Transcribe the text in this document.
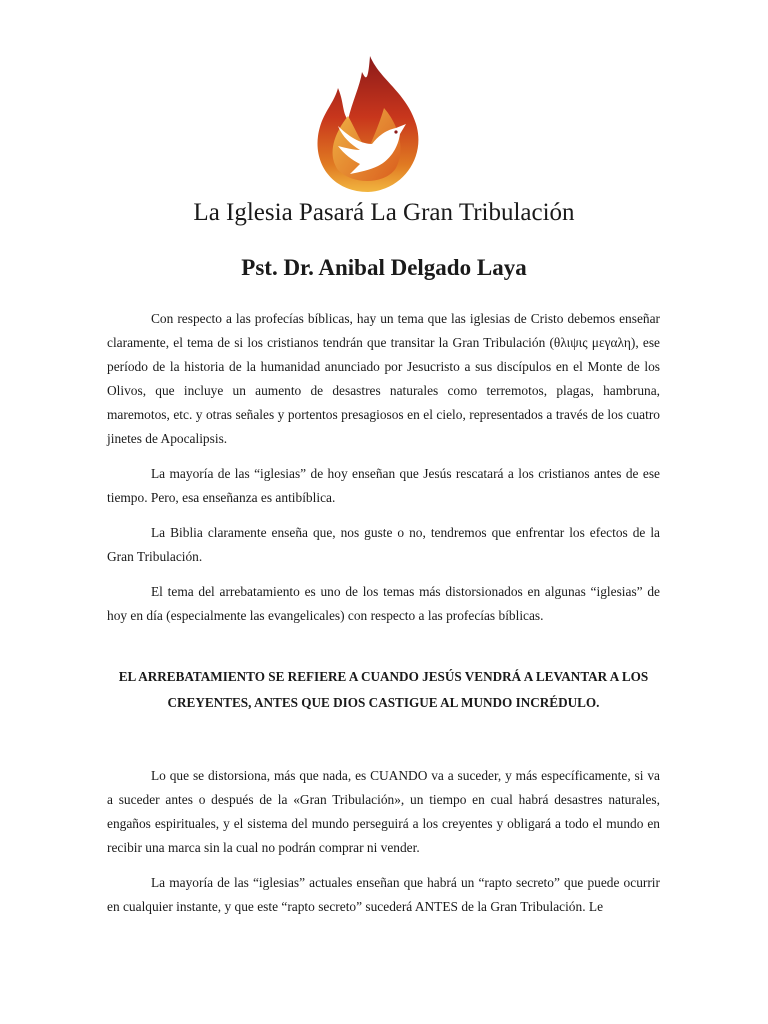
La Iglesia Pasará La Gran Tribulación
Pst. Dr. Anibal Delgado Laya

Con respecto a las profecías bíblicas, hay un tema que las iglesias de Cristo debemos enseñar claramente, el tema de si los cristianos tendrán que transitar la Gran Tribulación (θλιψις μεγαλη), ese período de la historia de la humanidad anunciado por Jesucristo a sus discípulos en el Monte de los Olivos, que incluye un aumento de desastres naturales como terremotos, plagas, hambruna, maremotos, etc. y otras señales y portentos presagiosos en el cielo, representados a través de los cuatro jinetes de Apocalipsis.

La mayoría de las “iglesias” de hoy enseñan que Jesús rescatará a los cristianos antes de ese tiempo. Pero, esa enseñanza es antibíblica.

La Biblia claramente enseña que, nos guste o no, tendremos que enfrentar los efectos de la Gran Tribulación.

El tema del arrebatamiento es uno de los temas más distorsionados en algunas “iglesias” de hoy en día (especialmente las evangelicales) con respecto a las profecías bíblicas.

EL ARREBATAMIENTO SE REFIERE A CUANDO JESÚS VENDRÁ A LEVANTAR A LOS CREYENTES, ANTES QUE DIOS CASTIGUE AL MUNDO INCRÉDULO.

Lo que se distorsiona, más que nada, es CUANDO va a suceder, y más específicamente, si va a suceder antes o después de la «Gran Tribulación», un tiempo en cual habrá desastres naturales, engaños espirituales, y el sistema del mundo perseguirá a los creyentes y obligará a todo el mundo en recibir una marca sin la cual no podrán comprar ni vender.

La mayoría de las “iglesias” actuales enseñan que habrá un “rapto secreto” que puede ocurrir en cualquier instante, y que este “rapto secreto” sucederá ANTES de la Gran Tribulación. Le
